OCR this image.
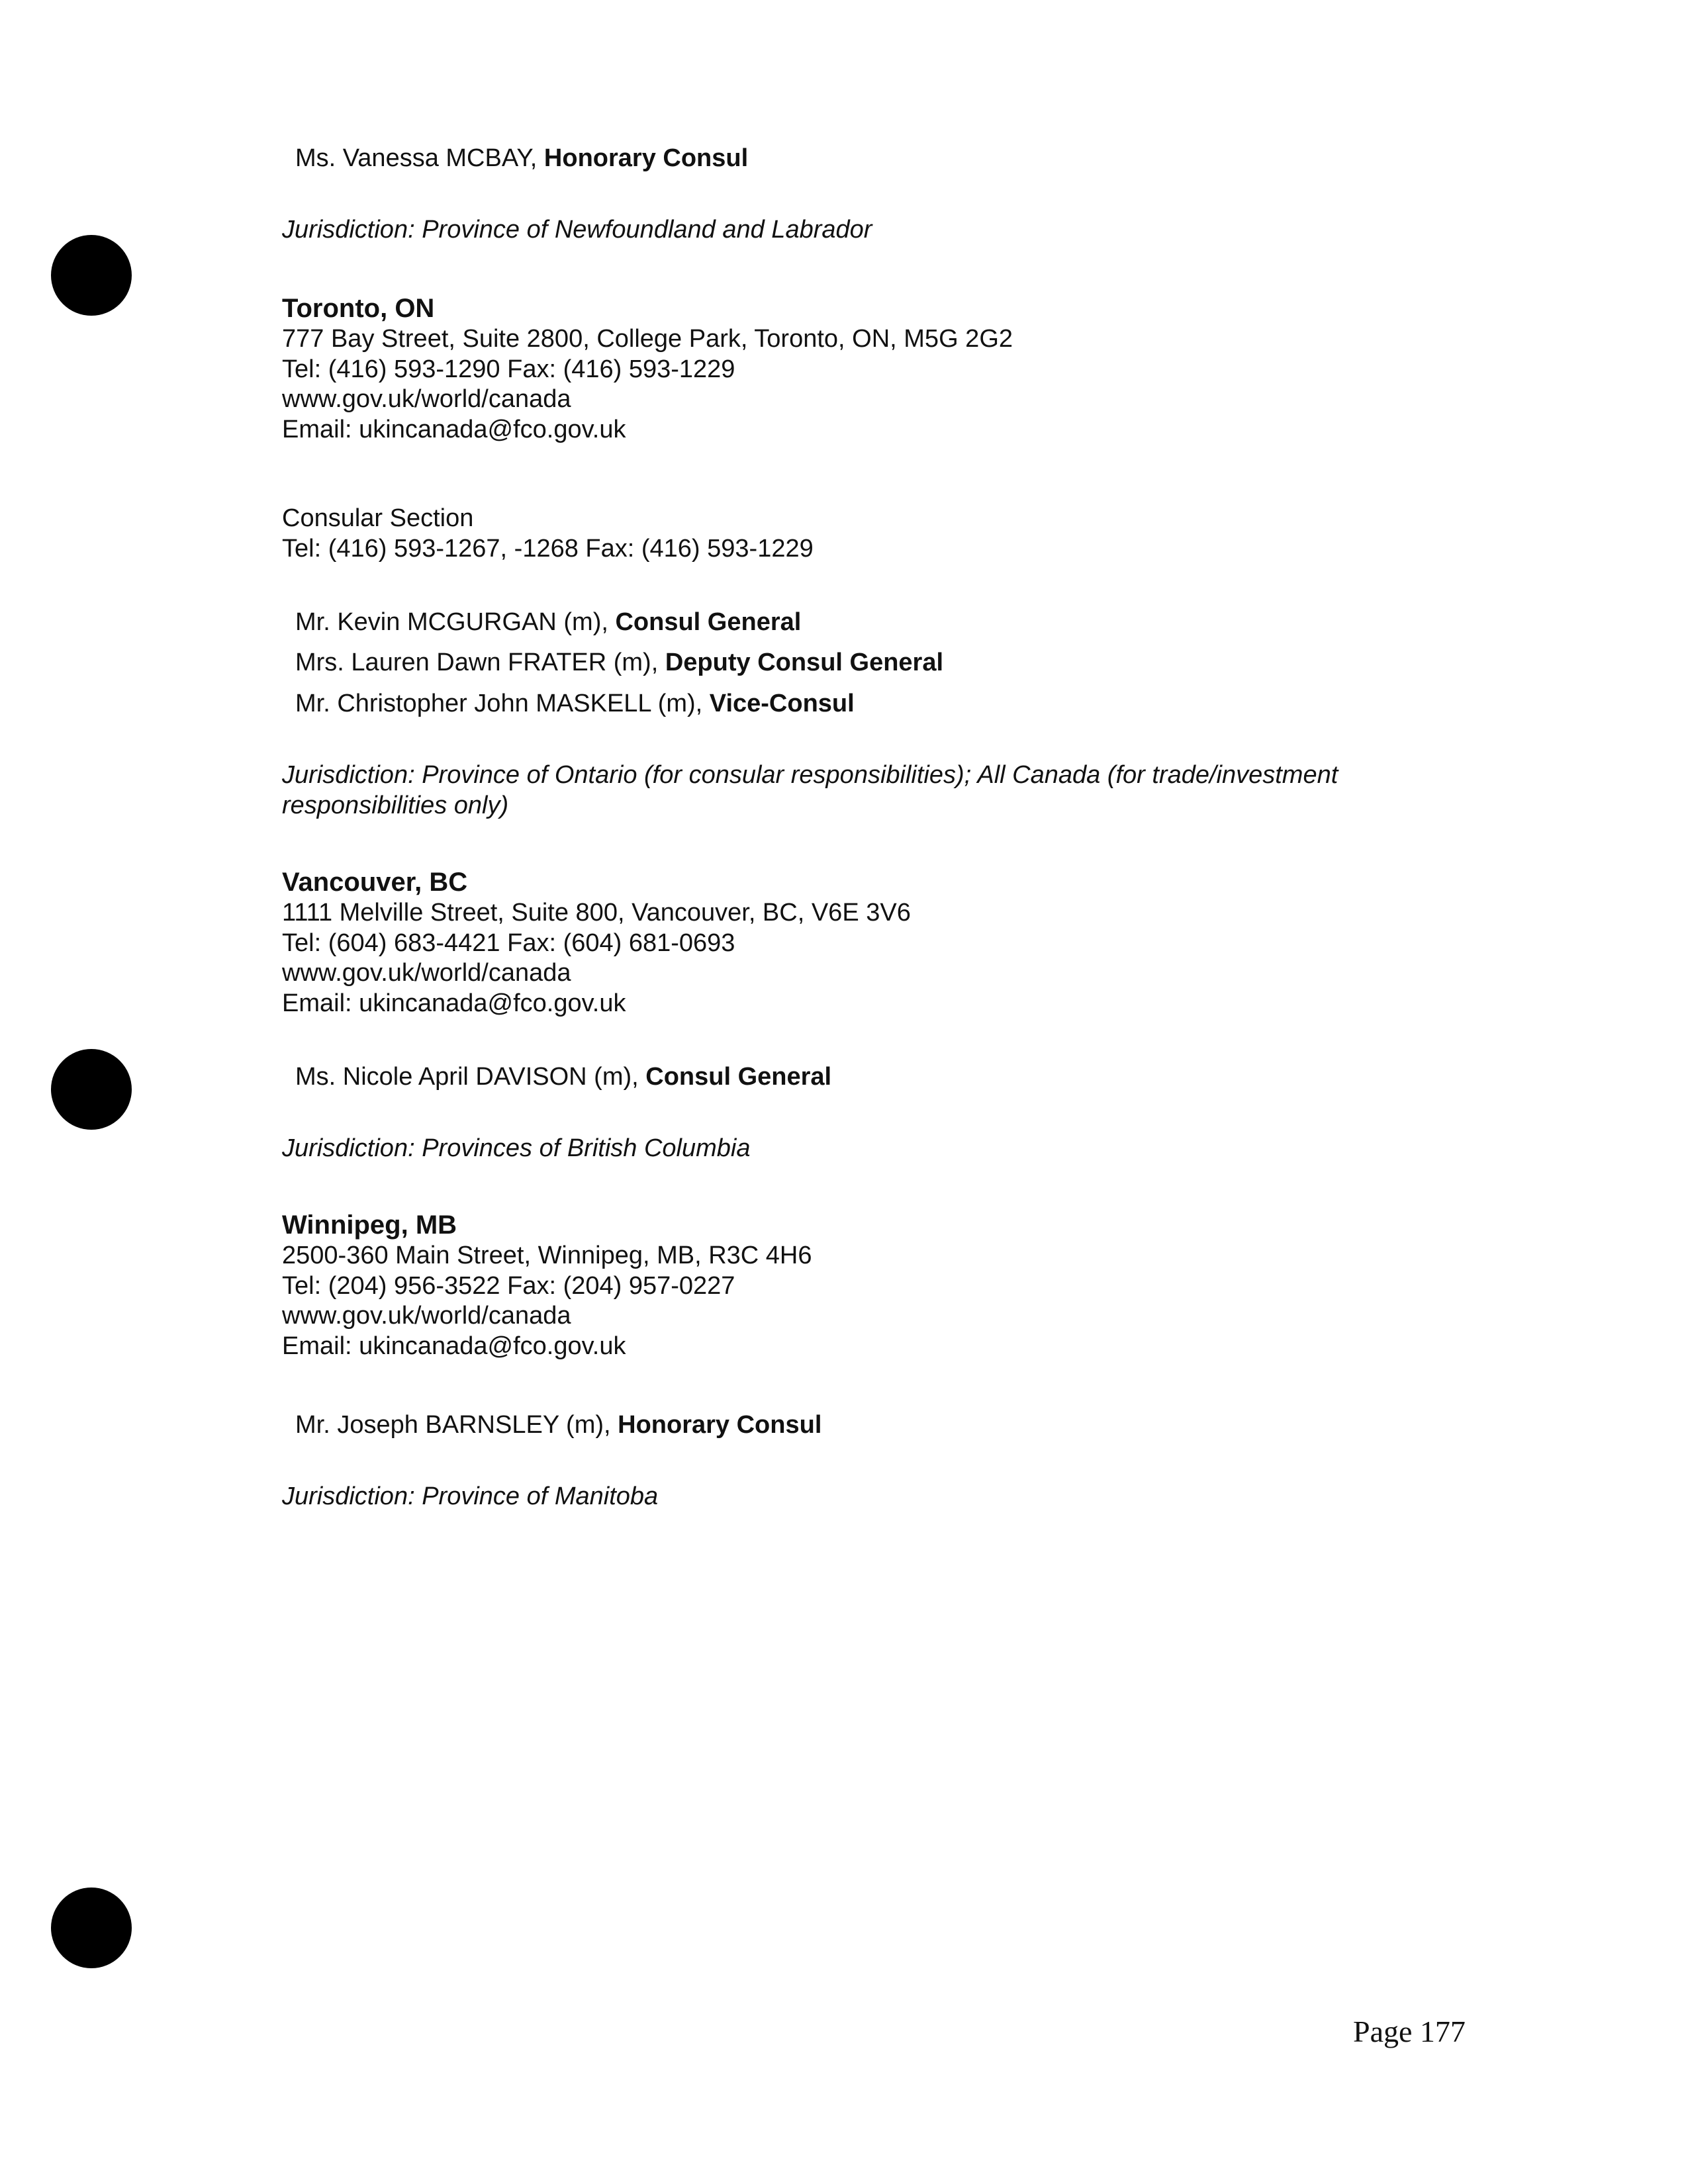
Ms. Vanessa MCBAY, Honorary Consul
Jurisdiction: Province of Newfoundland and Labrador
Toronto, ON
777 Bay Street, Suite 2800, College Park, Toronto, ON, M5G 2G2
Tel: (416) 593-1290 Fax: (416) 593-1229
www.gov.uk/world/canada
Email: ukincanada@fco.gov.uk
Consular Section
Tel: (416) 593-1267, -1268 Fax: (416) 593-1229
Mr. Kevin MCGURGAN (m), Consul General
Mrs. Lauren Dawn FRATER (m), Deputy Consul General
Mr. Christopher John MASKELL (m), Vice-Consul
Jurisdiction: Province of Ontario (for consular responsibilities); All Canada (for trade/investment
responsibilities only)
Vancouver, BC
1111 Melville Street, Suite 800, Vancouver, BC, V6E 3V6
Tel: (604) 683-4421 Fax: (604) 681-0693
www.gov.uk/world/canada
Email: ukincanada@fco.gov.uk
Ms. Nicole April DAVISON (m), Consul General
Jurisdiction: Provinces of British Columbia
Winnipeg, MB
2500-360 Main Street, Winnipeg, MB, R3C 4H6
Tel: (204) 956-3522 Fax: (204) 957-0227
www.gov.uk/world/canada
Email: ukincanada@fco.gov.uk
Mr. Joseph BARNSLEY (m), Honorary Consul
Jurisdiction: Province of Manitoba
Page 177
